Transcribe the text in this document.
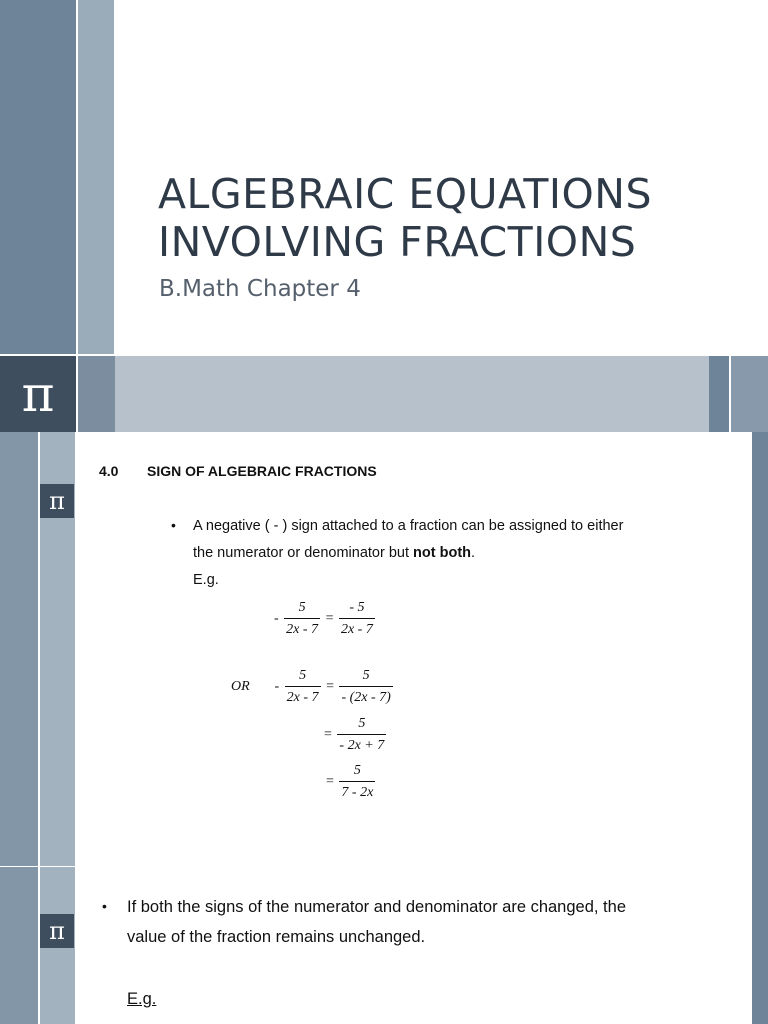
ALGEBRAIC EQUATIONS
INVOLVING FRACTIONS
B.Math Chapter 4
π
π
π
4.0 SIGN OF ALGEBRAIC FRACTIONS
• A negative ( - ) sign attached to a fraction can be assigned to either
the numerator or denominator but not both.
E.g.
- $\frac{5}{2x - 7} = \frac{- 5}{2x - 7}$
OR - $\frac{5}{2x - 7} = \frac{5}{- (2x - 7)}$
= $\frac{5}{- 2x + 7}$
= $\frac{5}{7 - 2x}$
• If both the signs of the numerator and denominator are changed, the
value of the fraction remains unchanged.
E.g.
